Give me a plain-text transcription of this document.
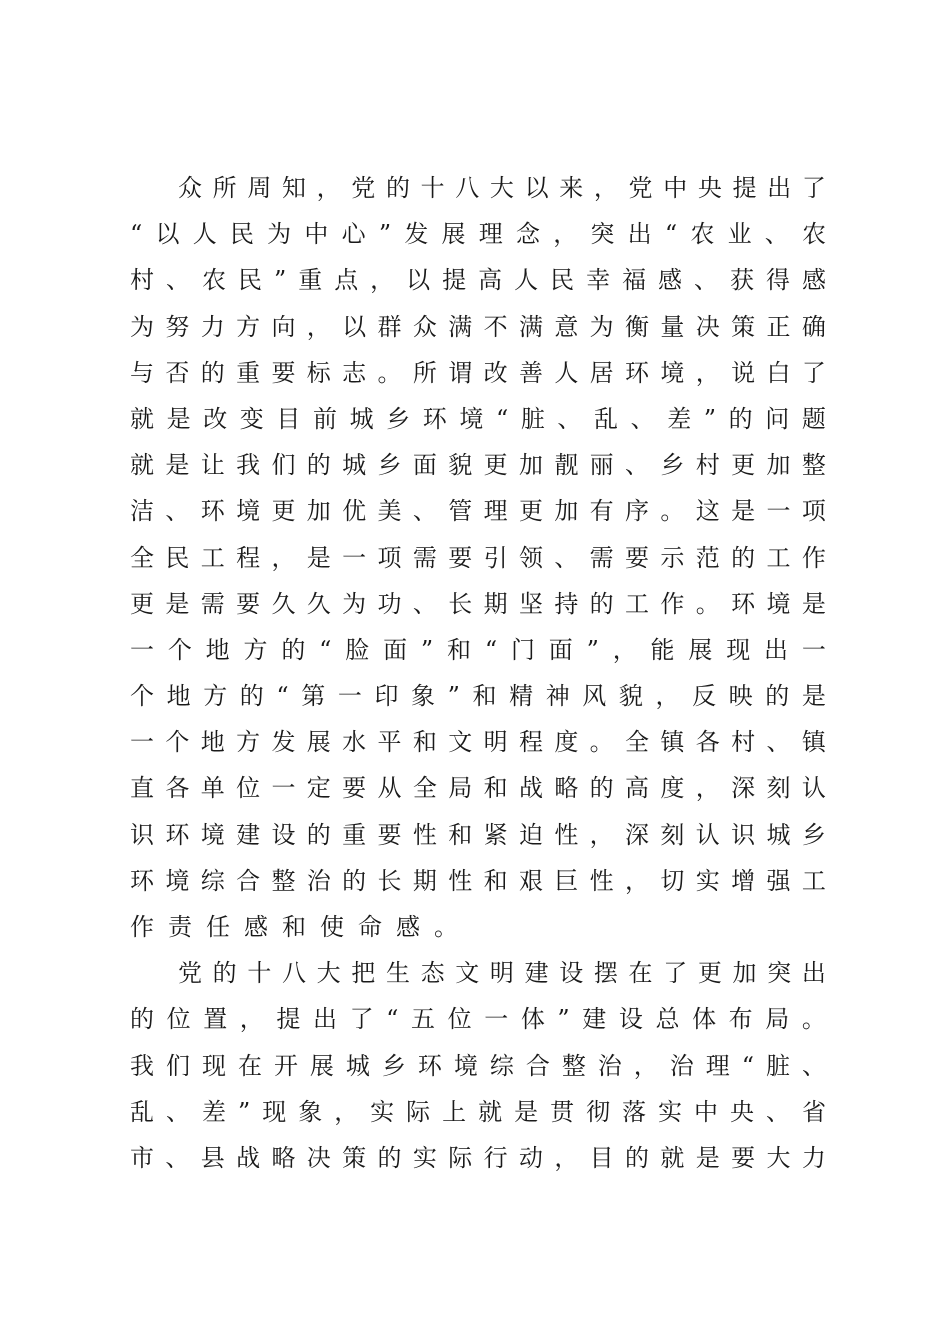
众 所 周 知 ， 党 的 十 八 大 以 来 ， 党 中 央 提 出 了
“ 以 人 民 为 中 心 ” 发 展 理 念 ， 突 出 “ 农 业 、 农
村 、 农 民 ” 重 点 ， 以 提 高 人 民 幸 福 感 、 获 得 感
为 努 力 方 向 ， 以 群 众 满 不 满 意 为 衡 量 决 策 正 确
与 否 的 重 要 标 志 。 所 谓 改 善 人 居 环 境 ， 说 白 了
就 是 改 变 目 前 城 乡 环 境 “ 脏 、 乱 、 差 ” 的 问 题
就 是 让 我 们 的 城 乡 面 貌 更 加 靓 丽 、 乡 村 更 加 整
洁 、 环 境 更 加 优 美 、 管 理 更 加 有 序 。 这 是 一 项
全 民 工 程 ， 是 一 项 需 要 引 领 、 需 要 示 范 的 工 作
更 是 需 要 久 久 为 功 、 长 期 坚 持 的 工 作 。 环 境 是
一 个 地 方 的 “ 脸 面 ” 和 “ 门 面 ” ， 能 展 现 出 一
个 地 方 的 “ 第 一 印 象 ” 和 精 神 风 貌 ， 反 映 的 是
一 个 地 方 发 展 水 平 和 文 明 程 度 。 全 镇 各 村 、 镇
直 各 单 位 一 定 要 从 全 局 和 战 略 的 高 度 ， 深 刻 认
识 环 境 建 设 的 重 要 性 和 紧 迫 性 ， 深 刻 认 识 城 乡
环 境 综 合 整 治 的 长 期 性 和 艰 巨 性 ， 切 实 增 强 工
作责任感和使命感。
党 的 十 八 大 把 生 态 文 明 建 设 摆 在 了 更 加 突 出
的 位 置 ， 提 出 了 “ 五 位 一 体 ” 建 设 总 体 布 局 。
我 们 现 在 开 展 城 乡 环 境 综 合 整 治 ， 治 理 “ 脏 、
乱 、 差 ” 现 象 ， 实 际 上 就 是 贯 彻 落 实 中 央 、 省
市 、 县 战 略 决 策 的 实 际 行 动 ， 目 的 就 是 要 大 力
